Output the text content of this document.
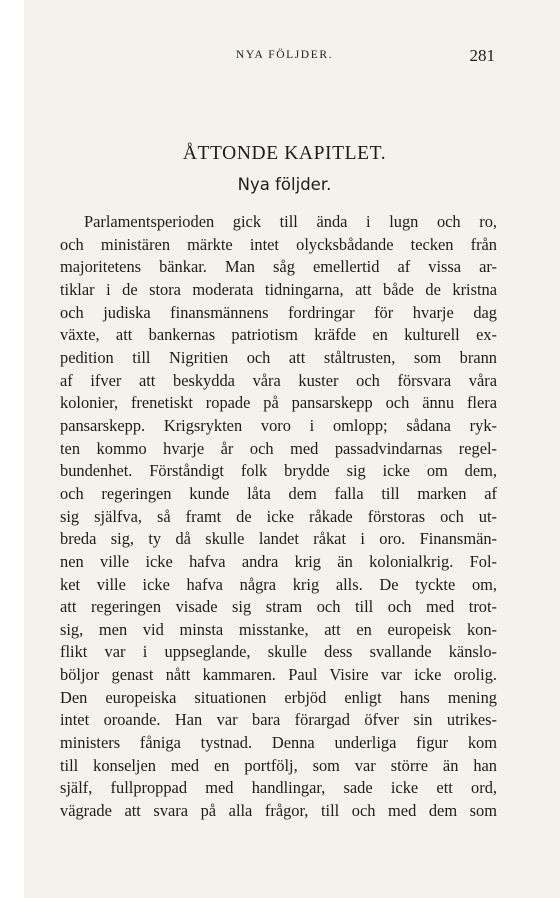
NYA FÖLJDER.	281
ÅTTONDE KAPITLET.
Nya följder.
Parlamentsperioden gick till ända i lugn och ro,
och ministären märkte intet olycksbådande tecken från
majoritetens bänkar. Man såg emellertid af vissa ar-
tiklar i de stora moderata tidningarna, att både de kristna
och judiska finansmännens fordringar för hvarje dag
växte, att bankernas patriotism kräfde en kulturell ex-
pedition till Nigritien och att ståltrusten, som brann
af ifver att beskydda våra kuster och försvara våra
kolonier, frenetiskt ropade på pansarskepp och ännu flera
pansarskepp. Krigsrykten voro i omlopp; sådana ryk-
ten kommo hvarje år och med passadvindarnas regel-
bundenhet. Förståndigt folk brydde sig icke om dem,
och regeringen kunde låta dem falla till marken af
sig själfva, så framt de icke råkade förstoras och ut-
breda sig, ty då skulle landet råkat i oro. Finansmän-
nen ville icke hafva andra krig än kolonialkrig. Fol-
ket ville icke hafva några krig alls. De tyckte om,
att regeringen visade sig stram och till och med trot-
sig, men vid minsta misstanke, att en europeisk kon-
flikt var i uppseglande, skulle dess svallande känslo-
böljor genast nått kammaren. Paul Visire var icke orolig.
Den europeiska situationen erbjöd enligt hans mening
intet oroande. Han var bara förargad öfver sin utrikes-
ministers fåniga tystnad. Denna underliga figur kom
till konseljen med en portfölj, som var större än han
själf, fullproppad med handlingar, sade icke ett ord,
vägrade att svara på alla frågor, till och med dem som
